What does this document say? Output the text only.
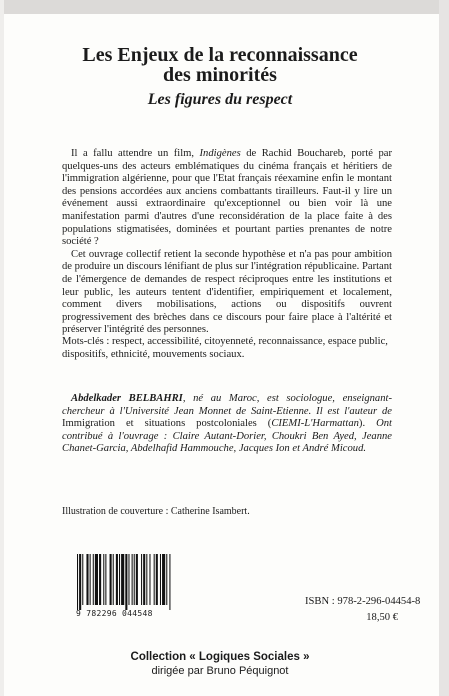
Les Enjeux de la reconnaissance
des minorités
Les figures du respect

Il a fallu attendre un film, Indigènes de Rachid Bouchareb, porté par quelques-uns des acteurs emblématiques du cinéma français et héritiers de l'immigration algérienne, pour que l'Etat français réexamine enfin le montant des pensions accordées aux anciens combattants tirailleurs. Faut-il y lire un événement aussi extraordinaire qu'exceptionnel ou bien voir là une manifestation parmi d'autres d'une reconsidération de la place faite à des populations stigmatisées, dominées et pourtant parties prenantes de notre société ?

Cet ouvrage collectif retient la seconde hypothèse et n'a pas pour ambition de produire un discours lénifiant de plus sur l'intégration républicaine. Partant de l'émergence de demandes de respect réciproques entre les institutions et leur public, les auteurs tentent d'identifier, empiriquement et localement, comment divers mobilisations, actions ou dispositifs ouvrent progressivement des brèches dans ce discours pour faire place à l'altérité et préserver l'intégrité des personnes.

Mots-clés : respect, accessibilité, citoyenneté, reconnaissance, espace public, dispositifs, ethnicité, mouvements sociaux.

Abdelkader BELBAHRI, né au Maroc, est sociologue, enseignant-chercheur à l'Université Jean Monnet de Saint-Etienne. Il est l'auteur de Immigration et situations postcoloniales (CIEMI-L'Harmattan). Ont contribué à l'ouvrage : Claire Autant-Dorier, Choukri Ben Ayed, Jeanne Chanet-Garcia, Abdelhafid Hammouche, Jacques Ion et André Micoud.

Illustration de couverture : Catherine Isambert.

9 782296 044548
ISBN : 978-2-296-04454-8
18,50 €
Collection « Logiques Sociales »
dirigée par Bruno Péquignot
